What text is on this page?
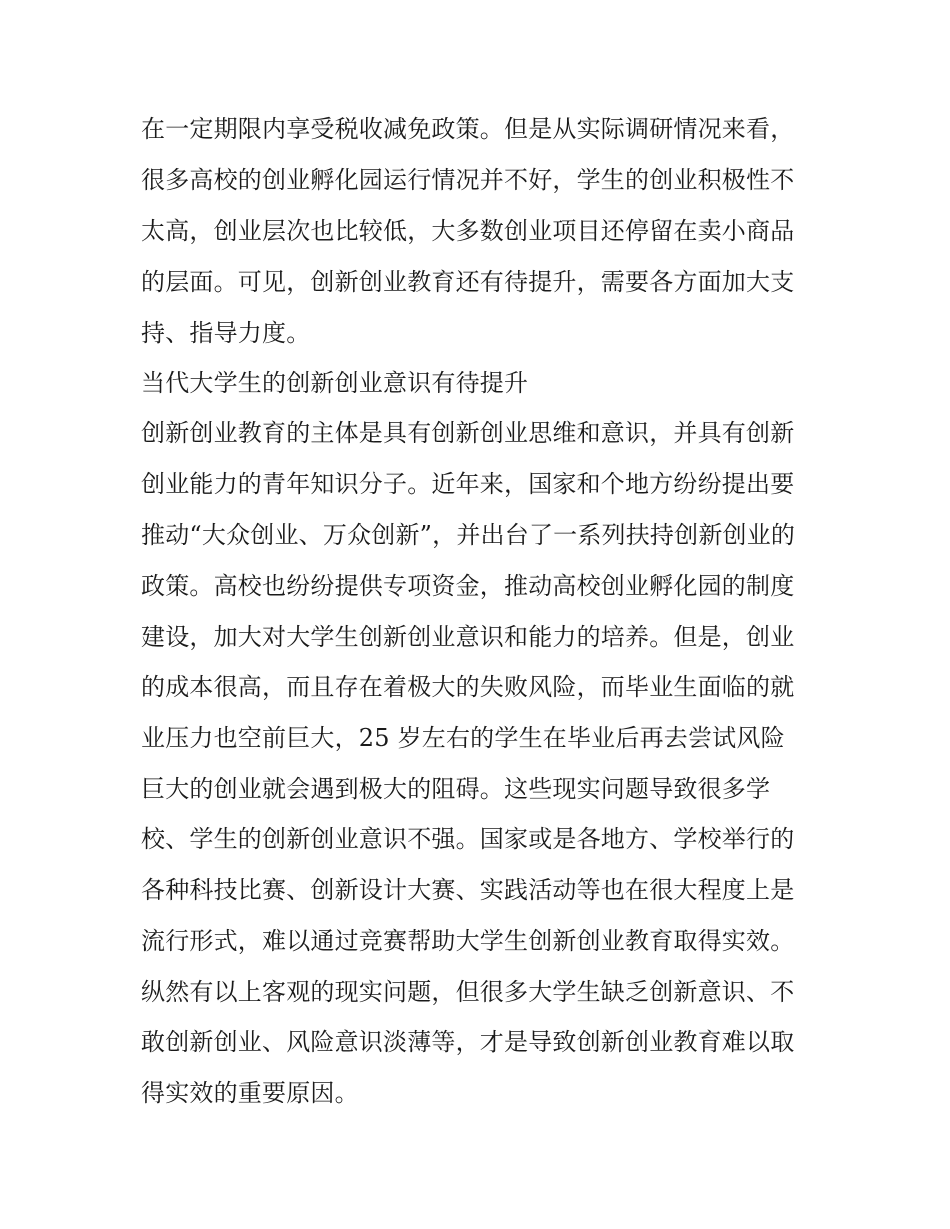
在一定期限内享受税收减免政策。但是从实际调研情况来看，
很多高校的创业孵化园运行情况并不好，学生的创业积极性不
太高，创业层次也比较低，大多数创业项目还停留在卖小商品
的层面。可见，创新创业教育还有待提升，需要各方面加大支
持、指导力度。
当代大学生的创新创业意识有待提升
创新创业教育的主体是具有创新创业思维和意识，并具有创新
创业能力的青年知识分子。近年来，国家和个地方纷纷提出要
推动“大众创业、万众创新”，并出台了一系列扶持创新创业的
政策。高校也纷纷提供专项资金，推动高校创业孵化园的制度
建设，加大对大学生创新创业意识和能力的培养。但是，创业
的成本很高，而且存在着极大的失败风险，而毕业生面临的就
业压力也空前巨大，25 岁左右的学生在毕业后再去尝试风险
巨大的创业就会遇到极大的阻碍。这些现实问题导致很多学
校、学生的创新创业意识不强。国家或是各地方、学校举行的
各种科技比赛、创新设计大赛、实践活动等也在很大程度上是
流行形式，难以通过竞赛帮助大学生创新创业教育取得实效。
纵然有以上客观的现实问题，但很多大学生缺乏创新意识、不
敢创新创业、风险意识淡薄等，才是导致创新创业教育难以取
得实效的重要原因。
